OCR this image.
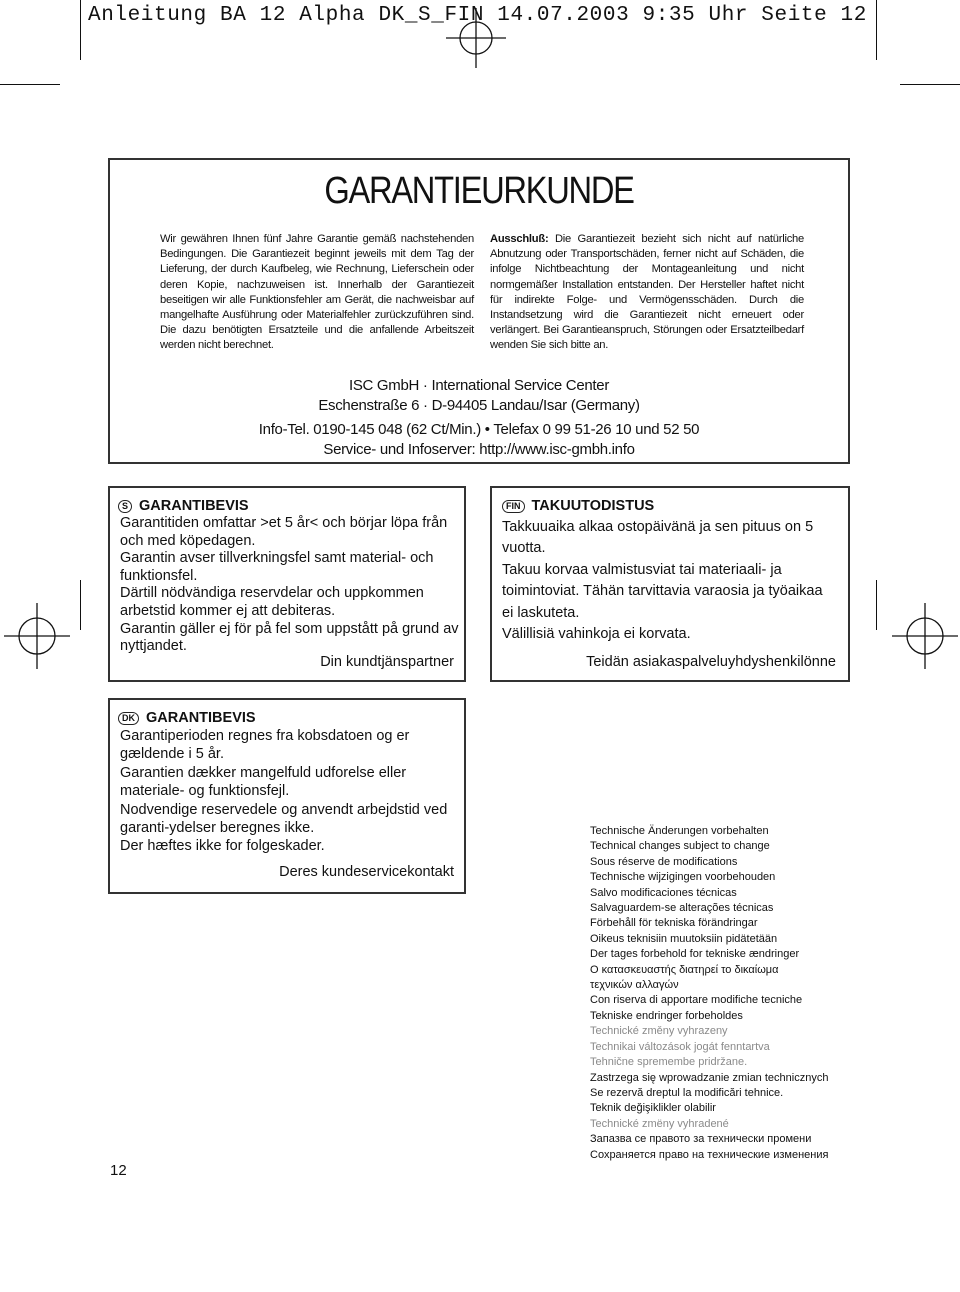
Anleitung BA 12 Alpha DK_S_FIN 14.07.2003 9:35 Uhr Seite 12
GARANTIEURKUNDE
Wir gewähren Ihnen fünf Jahre Garantie gemäß nachstehenden Bedingungen. Die Garantiezeit beginnt jeweils mit dem Tag der Lieferung, der durch Kaufbeleg, wie Rechnung, Lieferschein oder deren Kopie, nachzuweisen ist. Innerhalb der Garantiezeit beseitigen wir alle Funktionsfehler am Gerät, die nachweisbar auf mangelhafte Ausführung oder Materialfehler zurückzuführen sind. Die dazu benötigten Ersatzteile und die anfallende Arbeitszeit werden nicht berechnet.
Ausschluß: Die Garantiezeit bezieht sich nicht auf natürliche Abnutzung oder Transportschäden, ferner nicht auf Schäden, die infolge Nichtbeachtung der Montageanleitung und nicht normgemäßer Installation entstanden. Der Hersteller haftet nicht für indirekte Folge- und Vermögensschäden. Durch die Instandsetzung wird die Garantiezeit nicht erneuert oder verlängert. Bei Garantieanspruch, Störungen oder Ersatzteilbedarf wenden Sie sich bitte an.
ISC GmbH · International Service Center
Eschenstraße 6 · D-94405 Landau/Isar (Germany)
Info-Tel. 0190-145 048 (62 Ct/Min.) • Telefax 0 99 51-26 10 und 52 50
Service- und Infoserver: http://www.isc-gmbh.info
S GARANTIBEVIS

Garantitiden omfattar >et 5 år< och börjar löpa från och med köpedagen.

Garantin avser tillverkningsfel samt material- och funktionsfel.

Därtill nödvändiga reservdelar och uppkommen arbetstid kommer ej att debiteras.

Garantin gäller ej för på fel som uppstått på grund av nyttjandet.

Din kundtjänspartner
FIN TAKUUTODISTUS

Takkuuaika alkaa ostopäivänä ja sen pituus on 5 vuotta.

Takuu korvaa valmistusviat tai materiaali- ja toimintoviat. Tähän tarvittavia varaosia ja työaikaa ei laskuteta.

Välillisiä vahinkoja ei korvata.

Teidän asiakaspalveluyhdyshenkilönne
DK GARANTIBEVIS

Garantiperioden regnes fra kobsdatoen og er gældende i 5 år.

Garantien dækker mangelfuld udforelse eller materiale- og funktionsfejl.

Nodvendige reservedele og anvendt arbejdstid ved garanti-ydelser beregnes ikke.

Der hæftes ikke for folgeskader.

Deres kundeservicekontakt
Technische Änderungen vorbehalten
Technical changes subject to change
Sous réserve de modifications
Technische wijzigingen voorbehouden
Salvo modificaciones técnicas
Salvaguardem-se alterações técnicas
Förbehåll för tekniska förändringar
Oikeus teknisiin muutoksiin pidätetään
Der tages forbehold for tekniske ændringer
Ο κατασκευαστής διατηρεί το δικαίωμα
τεχνικών αλλαγών
Con riserva di apportare modifiche tecniche
Tekniske endringer forbeholdes
Technické změny vyhrazeny
Technikai változások jogát fenntartva
Tehnične spremembe pridržane.
Zastrzega się wprowadzanie zmian technicznych
Se rezervă dreptul la modificări tehnice.
Teknik değişiklikler olabilir
Technické zmëny vyhradené
Запазва се правото за технически промени
Сохраняется право на технические изменения
12
